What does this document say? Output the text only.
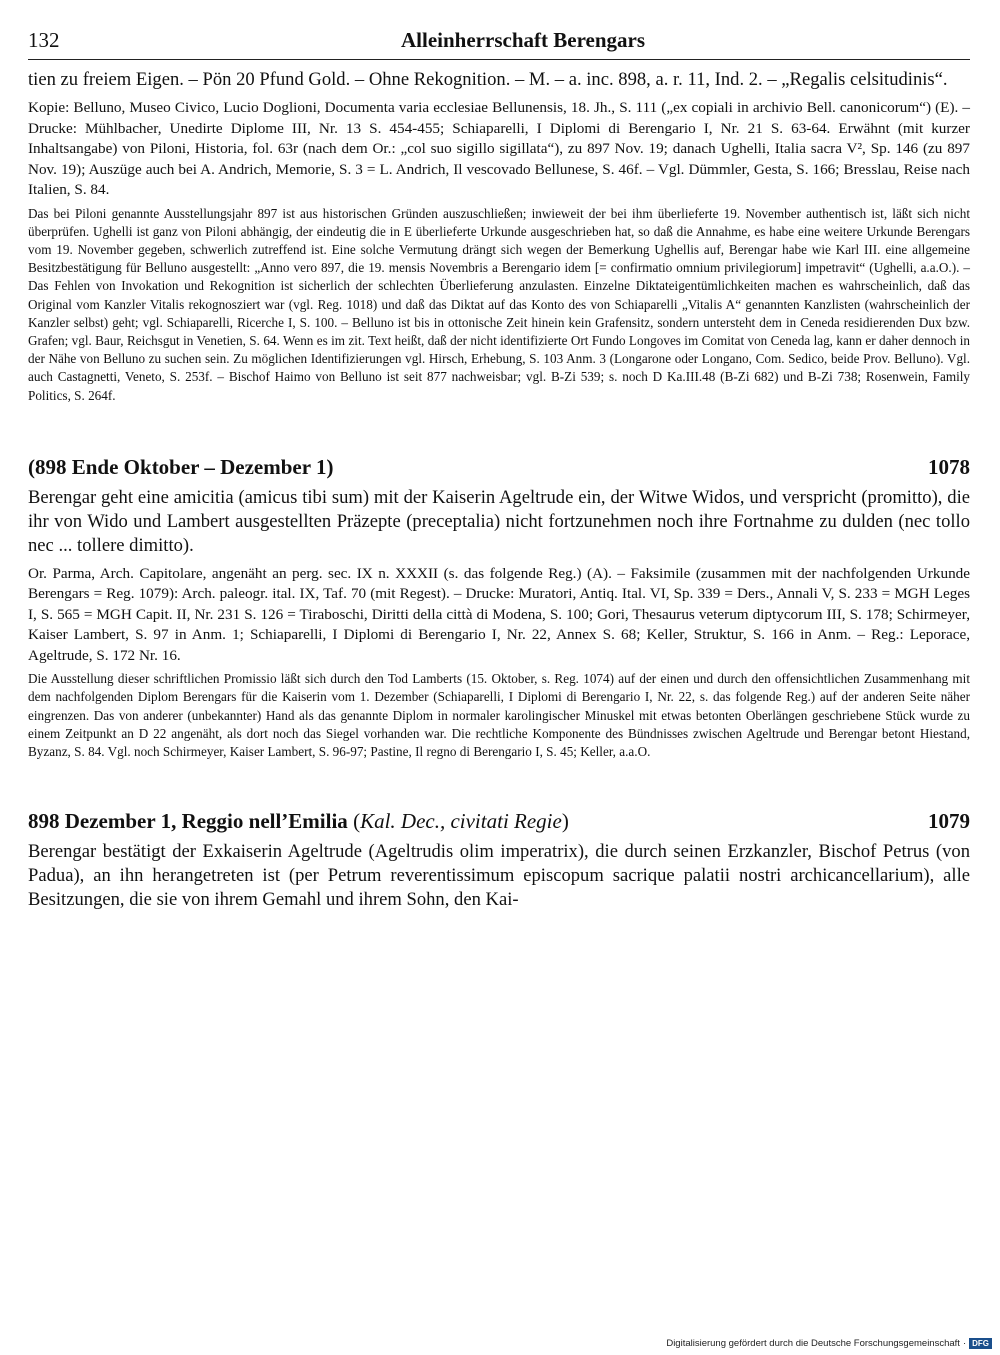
132	Alleinherrschaft Berengars

tien zu freiem Eigen. – Pön 20 Pfund Gold. – Ohne Rekognition. – M. – a. inc. 898, a. r. 11, Ind. 2. – „Regalis celsitudinis“.

Kopie: Belluno, Museo Civico, Lucio Doglioni, Documenta varia ecclesiae Bellunensis, 18. Jh., S. 111 („ex copiali in archivio Bell. canonicorum“) (E). – Drucke: Mühlbacher, Unedirte Diplome III, Nr. 13 S. 454-455; Schiaparelli, I Diplomi di Berengario I, Nr. 21 S. 63-64. Erwähnt (mit kurzer Inhaltsangabe) von Piloni, Historia, fol. 63r (nach dem Or.: „col suo sigillo sigillata“), zu 897 Nov. 19; danach Ughelli, Italia sacra V², Sp. 146 (zu 897 Nov. 19); Auszüge auch bei A. Andrich, Memorie, S. 3 = L. Andrich, Il vescovado Bellunese, S. 46f. – Vgl. Dümmler, Gesta, S. 166; Bresslau, Reise nach Italien, S. 84.

Das bei Piloni genannte Ausstellungsjahr 897 ist aus historischen Gründen auszuschließen; inwieweit der bei ihm überlieferte 19. November authentisch ist, läßt sich nicht überprüfen. Ughelli ist ganz von Piloni abhängig, der eindeutig die in E überlieferte Urkunde ausgeschrieben hat, so daß die Annahme, es habe eine weitere Urkunde Berengars vom 19. November gegeben, schwerlich zutreffend ist. Eine solche Vermutung drängt sich wegen der Bemerkung Ughellis auf, Berengar habe wie Karl III. eine allgemeine Besitzbestätigung für Belluno ausgestellt: „Anno vero 897, die 19. mensis Novembris a Berengario idem [= confirmatio omnium privilegiorum] impetravit“ (Ughelli, a.a.O.). – Das Fehlen von Invokation und Rekognition ist sicherlich der schlechten Überlieferung anzulasten. Einzelne Diktateigentümlichkeiten machen es wahrscheinlich, daß das Original vom Kanzler Vitalis rekognosziert war (vgl. Reg. 1018) und daß das Diktat auf das Konto des von Schiaparelli „Vitalis A“ genannten Kanzlisten (wahrscheinlich der Kanzler selbst) geht; vgl. Schiaparelli, Ricerche I, S. 100. – Belluno ist bis in ottonische Zeit hinein kein Grafensitz, sondern untersteht dem in Ceneda residierenden Dux bzw. Grafen; vgl. Baur, Reichsgut in Venetien, S. 64. Wenn es im zit. Text heißt, daß der nicht identifizierte Ort Fundo Longoves im Comitat von Ceneda lag, kann er daher dennoch in der Nähe von Belluno zu suchen sein. Zu möglichen Identifizierungen vgl. Hirsch, Erhebung, S. 103 Anm. 3 (Longarone oder Longano, Com. Sedico, beide Prov. Belluno). Vgl. auch Castagnetti, Veneto, S. 253f. – Bischof Haimo von Belluno ist seit 877 nachweisbar; vgl. B-Zi 539; s. noch D Ka.III.48 (B-Zi 682) und B-Zi 738; Rosenwein, Family Politics, S. 264f.

(898 Ende Oktober – Dezember 1)	1078

Berengar geht eine amicitia (amicus tibi sum) mit der Kaiserin Ageltrude ein, der Witwe Widos, und verspricht (promitto), die ihr von Wido und Lambert ausgestellten Präzepte (preceptalia) nicht fortzunehmen noch ihre Fortnahme zu dulden (nec tollo nec ... tollere dimitto).

Or. Parma, Arch. Capitolare, angenäht an perg. sec. IX n. XXXII (s. das folgende Reg.) (A). – Faksimile (zusammen mit der nachfolgenden Urkunde Berengars = Reg. 1079): Arch. paleogr. ital. IX, Taf. 70 (mit Regest). – Drucke: Muratori, Antiq. Ital. VI, Sp. 339 = Ders., Annali V, S. 233 = MGH Leges I, S. 565 = MGH Capit. II, Nr. 231 S. 126 = Tiraboschi, Diritti della città di Modena, S. 100; Gori, Thesaurus veterum diptycorum III, S. 178; Schirmeyer, Kaiser Lambert, S. 97 in Anm. 1; Schiaparelli, I Diplomi di Berengario I, Nr. 22, Annex S. 68; Keller, Struktur, S. 166 in Anm. – Reg.: Leporace, Ageltrude, S. 172 Nr. 16.

Die Ausstellung dieser schriftlichen Promissio läßt sich durch den Tod Lamberts (15. Oktober, s. Reg. 1074) auf der einen und durch den offensichtlichen Zusammenhang mit dem nachfolgenden Diplom Berengars für die Kaiserin vom 1. Dezember (Schiaparelli, I Diplomi di Berengario I, Nr. 22, s. das folgende Reg.) auf der anderen Seite näher eingrenzen. Das von anderer (unbekannter) Hand als das genannte Diplom in normaler karolingischer Minuskel mit etwas betonten Oberlängen geschriebene Stück wurde zu einem Zeitpunkt an D 22 angenäht, als dort noch das Siegel vorhanden war. Die rechtliche Komponente des Bündnisses zwischen Ageltrude und Berengar betont Hiestand, Byzanz, S. 84. Vgl. noch Schirmeyer, Kaiser Lambert, S. 96-97; Pastine, Il regno di Berengario I, S. 45; Keller, a.a.O.

898 Dezember 1, Reggio nell’Emilia (Kal. Dec., civitati Regie)	1079

Berengar bestätigt der Exkaiserin Ageltrude (Ageltrudis olim imperatrix), die durch seinen Erzkanzler, Bischof Petrus (von Padua), an ihn herangetreten ist (per Petrum reverentissimum episcopum sacrique palatii nostri archicancellarium), alle Besitzungen, die sie von ihrem Gemahl und ihrem Sohn, den Kai-

Digitalisierung gefördert durch die Deutsche Forschungsgemeinschaft · DFG
